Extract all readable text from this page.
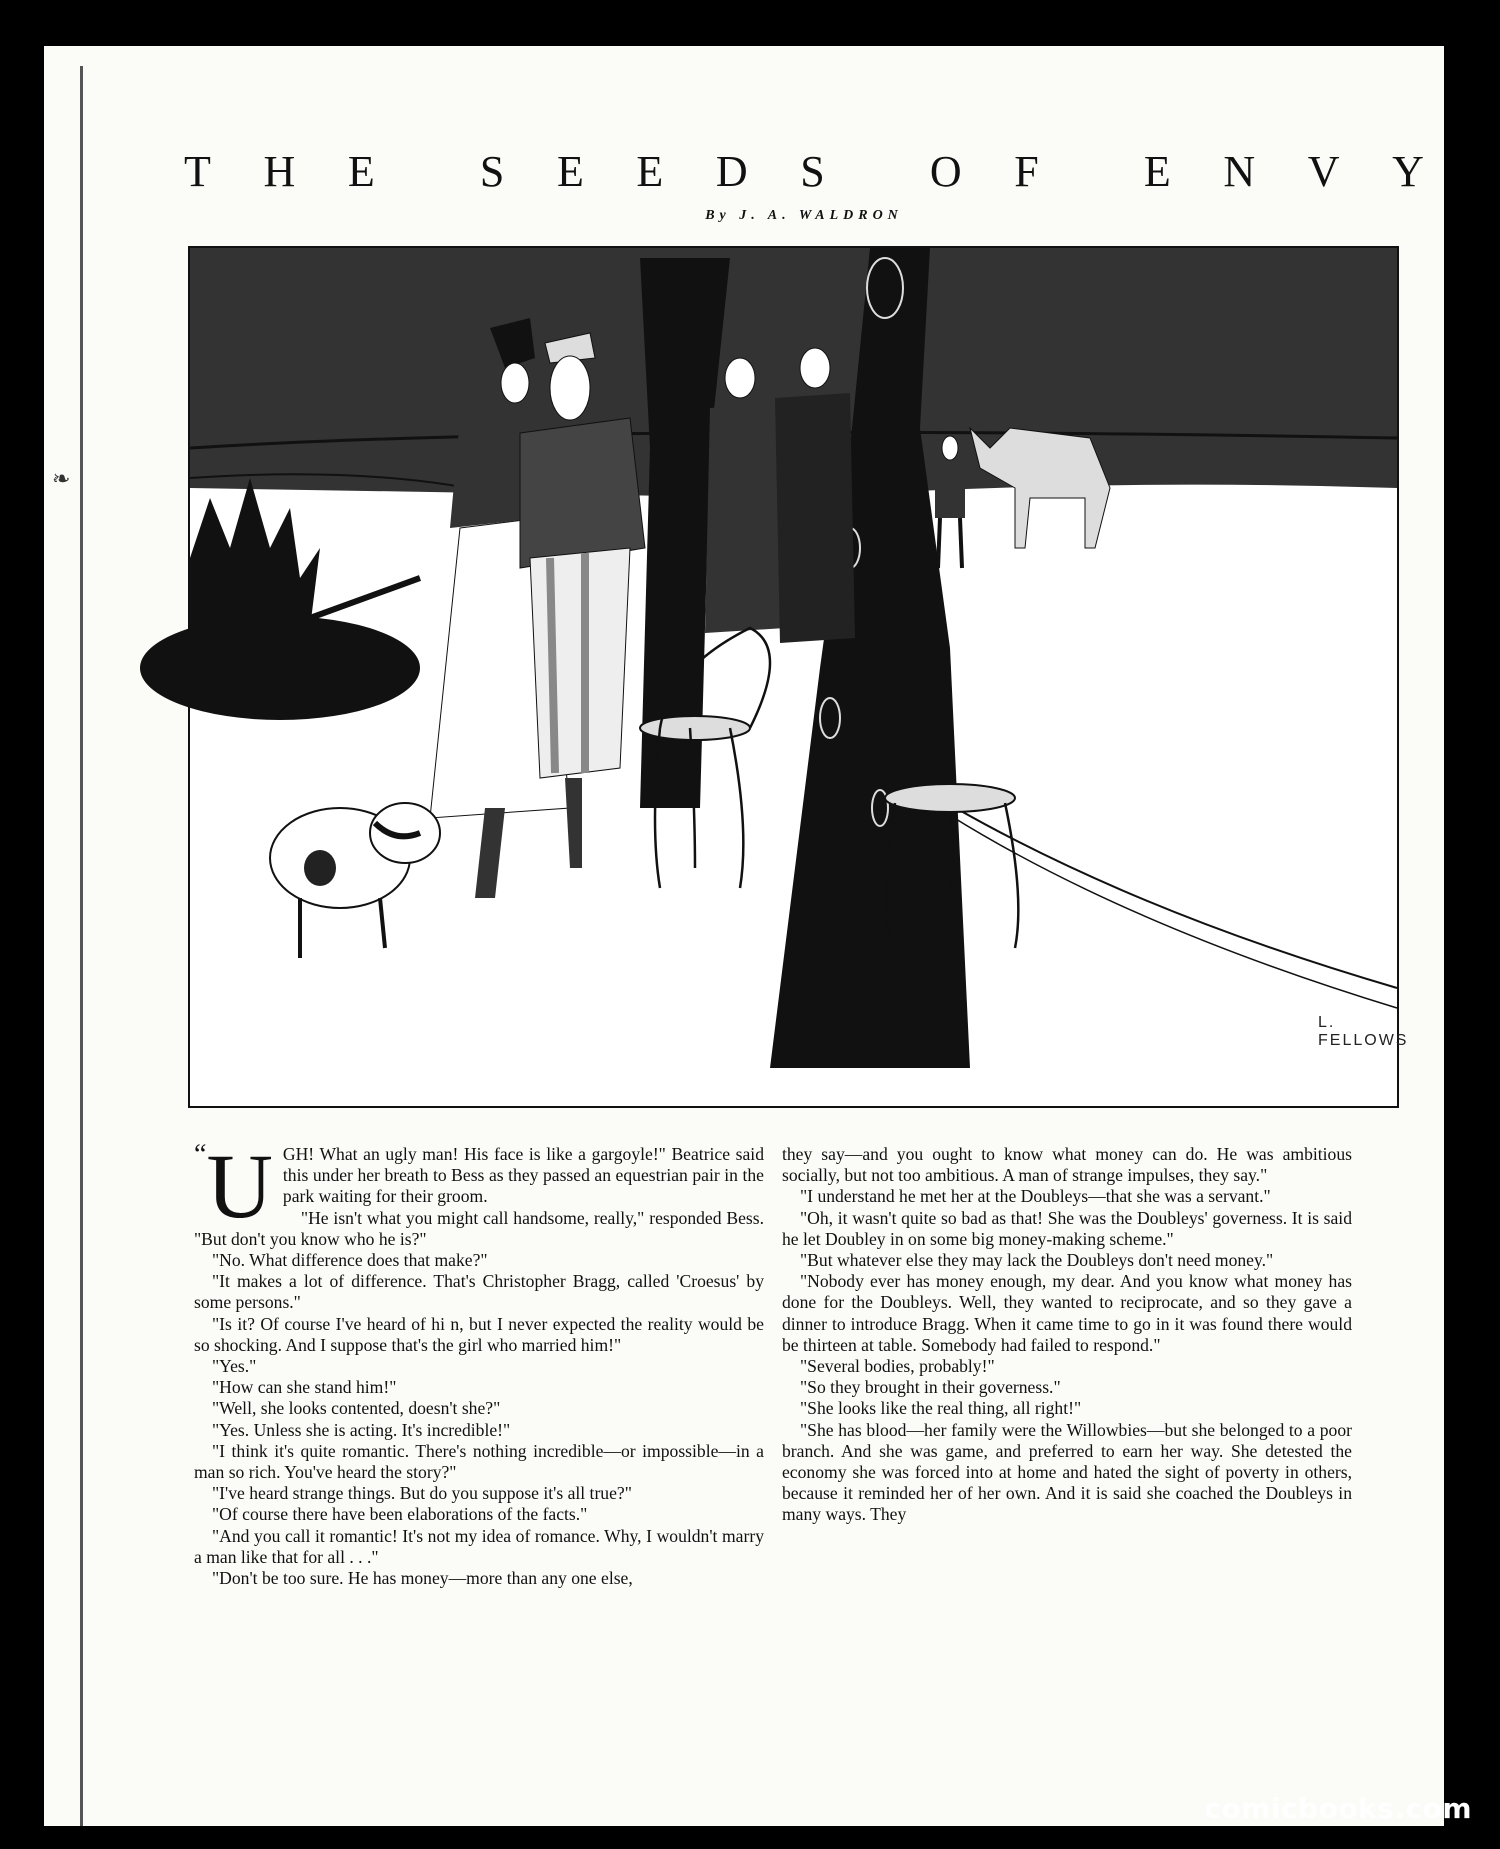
❧
T H E S E E D S O F E N V Y
By J. A. WALDRON
L. FELLOWS

“ U GH! What an ugly man! His face is like a gargoyle!" Beatrice said this under her breath to Bess as they passed an equestrian pair in the park waiting for their groom.

"He isn't what you might call handsome, really," responded Bess. "But don't you know who he is?"

"No. What difference does that make?"

"It makes a lot of difference. That's Christopher Bragg, called 'Croesus' by some persons."

"Is it? Of course I've heard of hi n, but I never expected the reality would be so shocking. And I suppose that's the girl who married him!"

"Yes."

"How can she stand him!"

"Well, she looks contented, doesn't she?"

"Yes. Unless she is acting. It's incredible!"

"I think it's quite romantic. There's nothing incredible—or impossible—in a man so rich. You've heard the story?"

"I've heard strange things. But do you suppose it's all true?"

"Of course there have been elaborations of the facts."

"And you call it romantic! It's not my idea of romance. Why, I wouldn't marry a man like that for all . . ."

"Don't be too sure. He has money—more than any one else,

they say—and you ought to know what money can do. He was ambitious socially, but not too ambitious. A man of strange impulses, they say."

"I understand he met her at the Doubleys—that she was a servant."

"Oh, it wasn't quite so bad as that! She was the Doubleys' governess. It is said he let Doubley in on some big money-making scheme."

"But whatever else they may lack the Doubleys don't need money."

"Nobody ever has money enough, my dear. And you know what money has done for the Doubleys. Well, they wanted to reciprocate, and so they gave a dinner to introduce Bragg. When it came time to go in it was found there would be thirteen at table. Somebody had failed to respond."

"Several bodies, probably!"

"So they brought in their governess."

"She looks like the real thing, all right!"

"She has blood—her family were the Willowbies—but she belonged to a poor branch. And she was game, and preferred to earn her way. She detested the economy she was forced into at home and hated the sight of poverty in others, because it reminded her of her own. And it is said she coached the Doubleys in many ways. They

comicbooks.com
